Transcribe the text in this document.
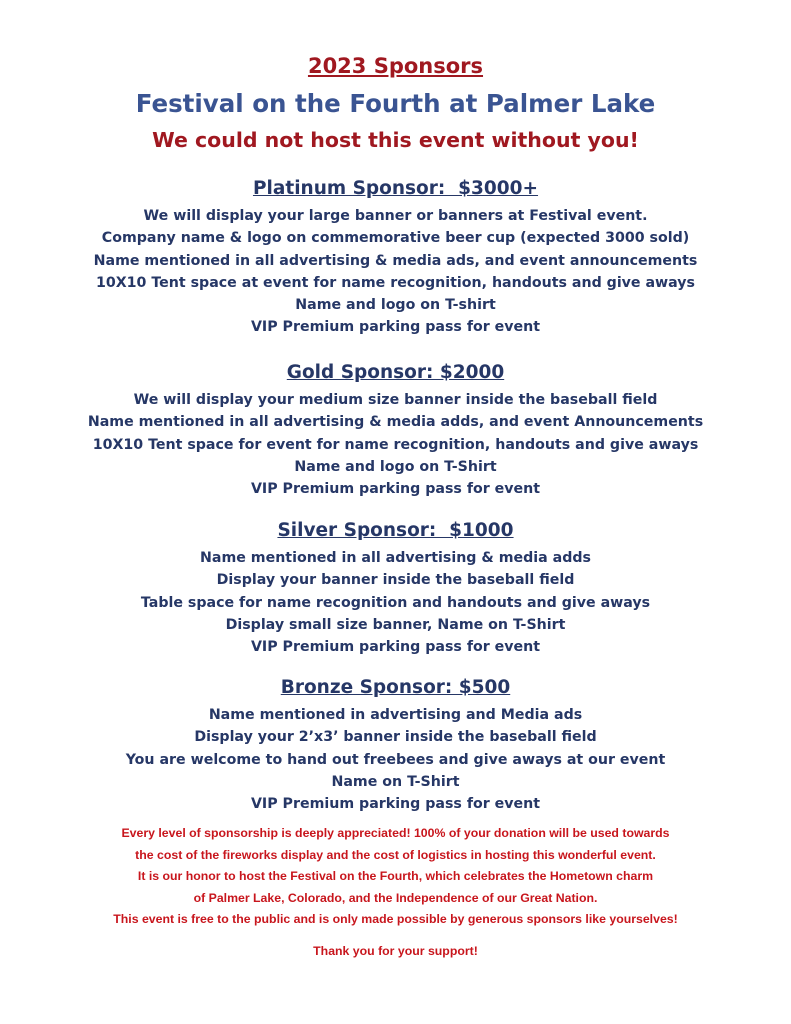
2023 Sponsors
Festival on the Fourth at Palmer Lake
We could not host this event without you!
Platinum Sponsor:  $3000+
We will display your large banner or banners at Festival event.
Company name & logo on commemorative beer cup (expected 3000 sold)
Name mentioned in all advertising & media ads, and event announcements
10X10 Tent space at event for name recognition, handouts and give aways
Name and logo on T-shirt
VIP Premium parking pass for event
Gold Sponsor: $2000
We will display your medium size banner inside the baseball field
Name mentioned in all advertising & media adds, and event Announcements
10X10 Tent space for event for name recognition, handouts and give aways
Name and logo on T-Shirt
VIP Premium parking pass for event
Silver Sponsor:  $1000
Name mentioned in all advertising & media adds
Display your banner inside the baseball field
Table space for name recognition and handouts and give aways
Display small size banner, Name on T-Shirt
VIP Premium parking pass for event
Bronze Sponsor: $500
Name mentioned in advertising and Media ads
Display your 2’x3’ banner inside the baseball field
You are welcome to hand out freebees and give aways at our event
Name on T-Shirt
VIP Premium parking pass for event
Every level of sponsorship is deeply appreciated! 100% of your donation will be used towards
the cost of the fireworks display and the cost of logistics in hosting this wonderful event.
It is our honor to host the Festival on the Fourth, which celebrates the Hometown charm
of Palmer Lake, Colorado, and the Independence of our Great Nation.
This event is free to the public and is only made possible by generous sponsors like yourselves!
Thank you for your support!
